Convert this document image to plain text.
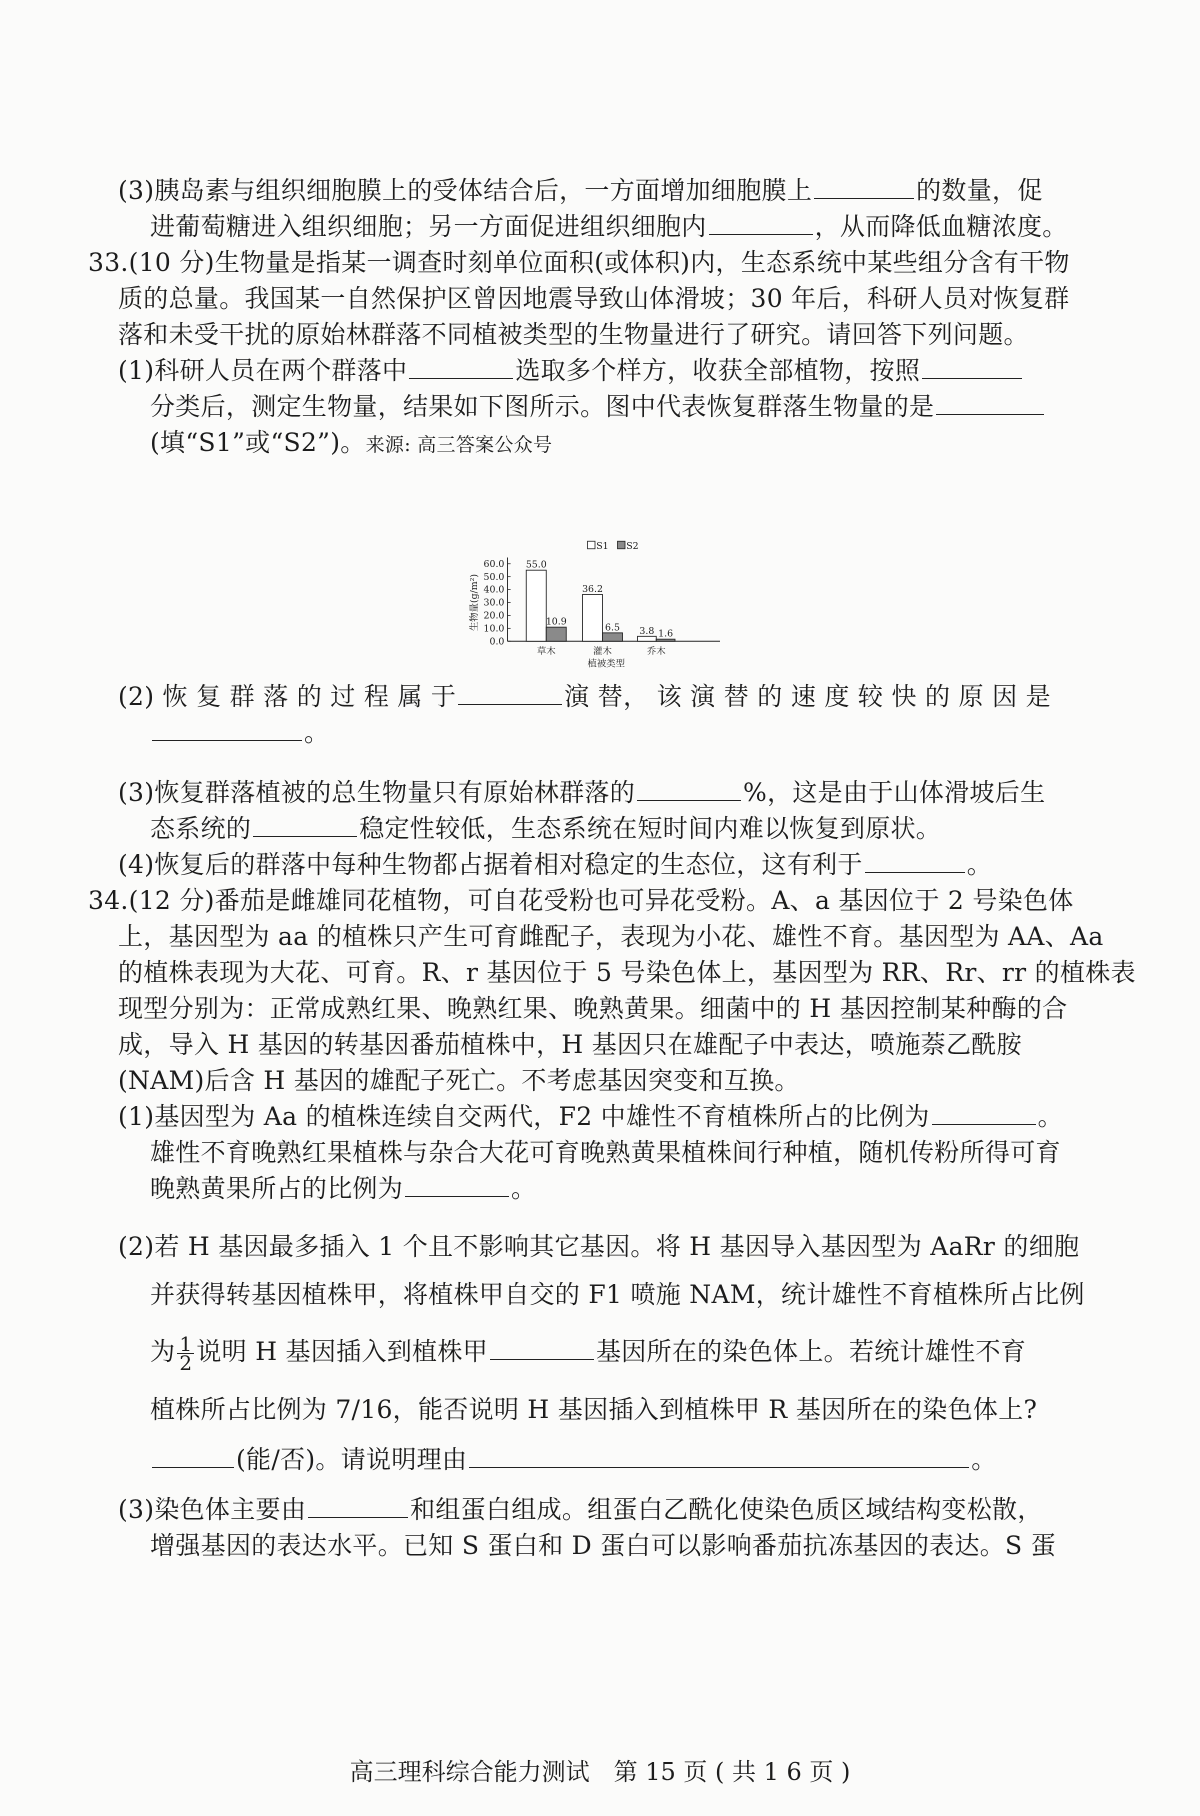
(3)胰岛素与组织细胞膜上的受体结合后，一方面增加细胞膜上	的数量，促
进葡萄糖进入组织细胞；另一方面促进组织细胞内	，从而降低血糖浓度。
33.(10 分)生物量是指某一调查时刻单位面积(或体积)内，生态系统中某些组分含有干物
质的总量。我国某一自然保护区曾因地震导致山体滑坡；30 年后，科研人员对恢复群
落和未受干扰的原始林群落不同植被类型的生物量进行了研究。请回答下列问题。
(1)科研人员在两个群落中	选取多个样方，收获全部植物，按照
分类后，测定生物量，结果如下图所示。图中代表恢复群落生物量的是
(填“S1”或“S2”)。来源: 高三答案公众号
0.0
10.0
20.0
30.0
40.0
50.0
60.0 55.0
10.9
草木
36.2
6.5
灌木
3.8 1.6
乔木
植被类型
生物量(g/m²)
S1 S2
(2) 恢 复 群 落 的 过 程 属 于	演 替， 该 演 替 的 速 度 较 快 的 原 因 是
。
(3)恢复群落植被的总生物量只有原始林群落的	%，这是由于山体滑坡后生
态系统的	稳定性较低，生态系统在短时间内难以恢复到原状。
(4)恢复后的群落中每种生物都占据着相对稳定的生态位，这有利于	。
34.(12 分)番茄是雌雄同花植物，可自花受粉也可异花受粉。A、a 基因位于 2 号染色体
上，基因型为 aa 的植株只产生可育雌配子，表现为小花、雄性不育。基因型为 AA、Aa
的植株表现为大花、可育。R、r 基因位于 5 号染色体上，基因型为 RR、Rr、rr 的植株表
现型分别为：正常成熟红果、晚熟红果、晚熟黄果。细菌中的 H 基因控制某种酶的合
成，导入 H 基因的转基因番茄植株中，H 基因只在雄配子中表达，喷施萘乙酰胺
(NAM)后含 H 基因的雄配子死亡。不考虑基因突变和互换。
(1)基因型为 Aa 的植株连续自交两代，F2 中雄性不育植株所占的比例为	。
雄性不育晚熟红果植株与杂合大花可育晚熟黄果植株间行种植，随机传粉所得可育
晚熟黄果所占的比例为	。
(2)若 H 基因最多插入 1 个且不影响其它基因。将 H 基因导入基因型为 AaRr 的细胞
并获得转基因植株甲，将植株甲自交的 F1 喷施 NAM，统计雄性不育植株所占比例
为 $\frac{1}{2}$ 说明 H 基因插入到植株甲	基因所在的染色体上。若统计雄性不育
植株所占比例为 7/16，能否说明 H 基因插入到植株甲 R 基因所在的染色体上?
(能/否)。请说明理由	。
(3)染色体主要由	和组蛋白组成。组蛋白乙酰化使染色质区域结构变松散，
增强基因的表达水平。已知 S 蛋白和 D 蛋白可以影响番茄抗冻基因的表达。S 蛋
高三理科综合能力测试　第 15 页 ( 共 1 6 页 )
